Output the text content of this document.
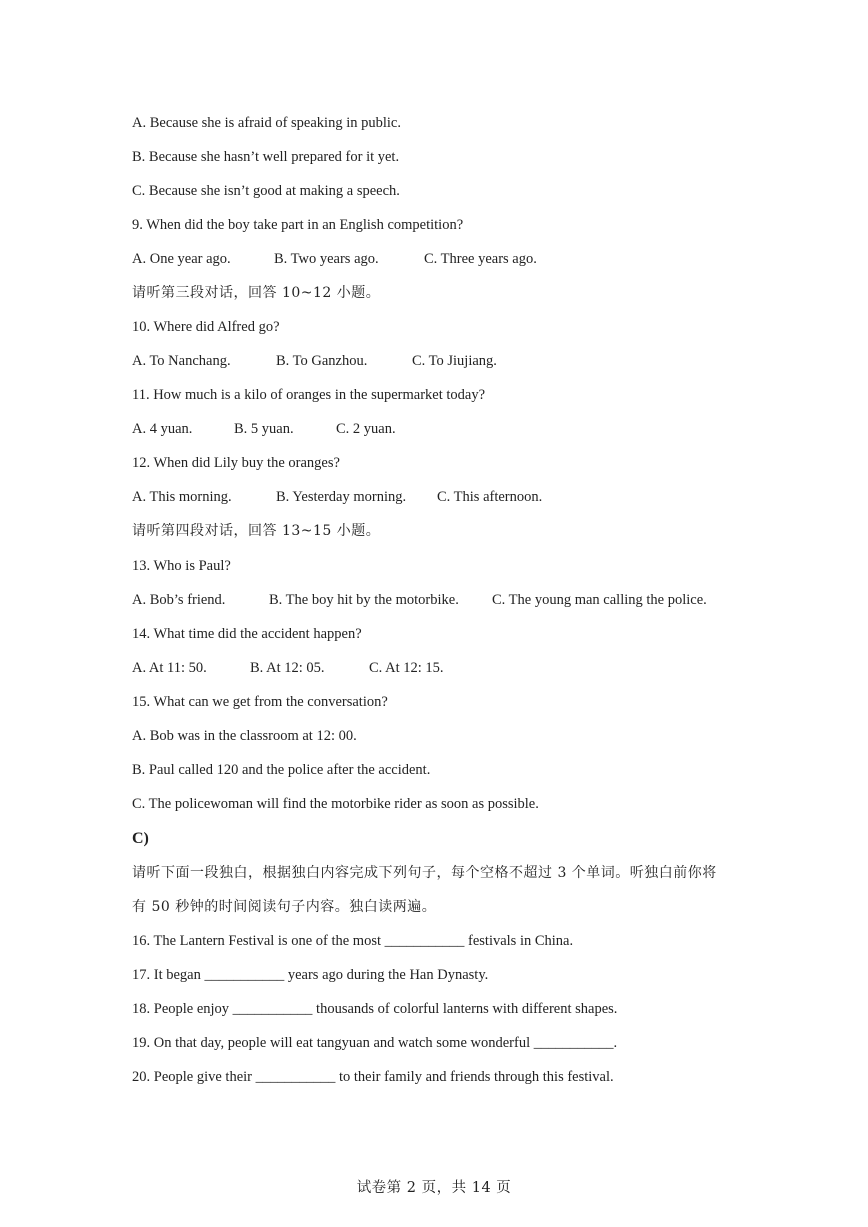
A. Because she is afraid of speaking in public.
B. Because she hasn’t well prepared for it yet.
C. Because she isn’t good at making a speech.
9. When did the boy take part in an English competition?
A. One year ago.	B. Two years ago.	C. Three years ago.
请听第三段对话，回答 10~12 小题。
10. Where did Alfred go?
A. To Nanchang.	B. To Ganzhou.	C. To Jiujiang.
11. How much is a kilo of oranges in the supermarket today?
A. 4 yuan.	B. 5 yuan.	C. 2 yuan.
12. When did Lily buy the oranges?
A. This morning.	B. Yesterday morning. C. This afternoon.
请听第四段对话，回答 13~15 小题。
13. Who is Paul?
A. Bob’s friend.	B. The boy hit by the motorbike. C. The young man calling the police.
14. What time did the accident happen?
A. At 11: 50.	B. At 12: 05.	C. At 12: 15.
15. What can we get from the conversation?
A. Bob was in the classroom at 12: 00.
B. Paul called 120 and the police after the accident.
C. The policewoman will find the motorbike rider as soon as possible.
C)
请听下面一段独白，根据独白内容完成下列句子，每个空格不超过 3 个单词。听独白前你将
有 50 秒钟的时间阅读句子内容。独白读两遍。
16. The Lantern Festival is one of the most ___________ festivals in China.
17. It began ___________ years ago during the Han Dynasty.
18. People enjoy ___________ thousands of colorful lanterns with different shapes.
19. On that day, people will eat tangyuan and watch some wonderful ___________.
20. People give their ___________ to their family and friends through this festival.
试卷第 2 页，共 14 页
